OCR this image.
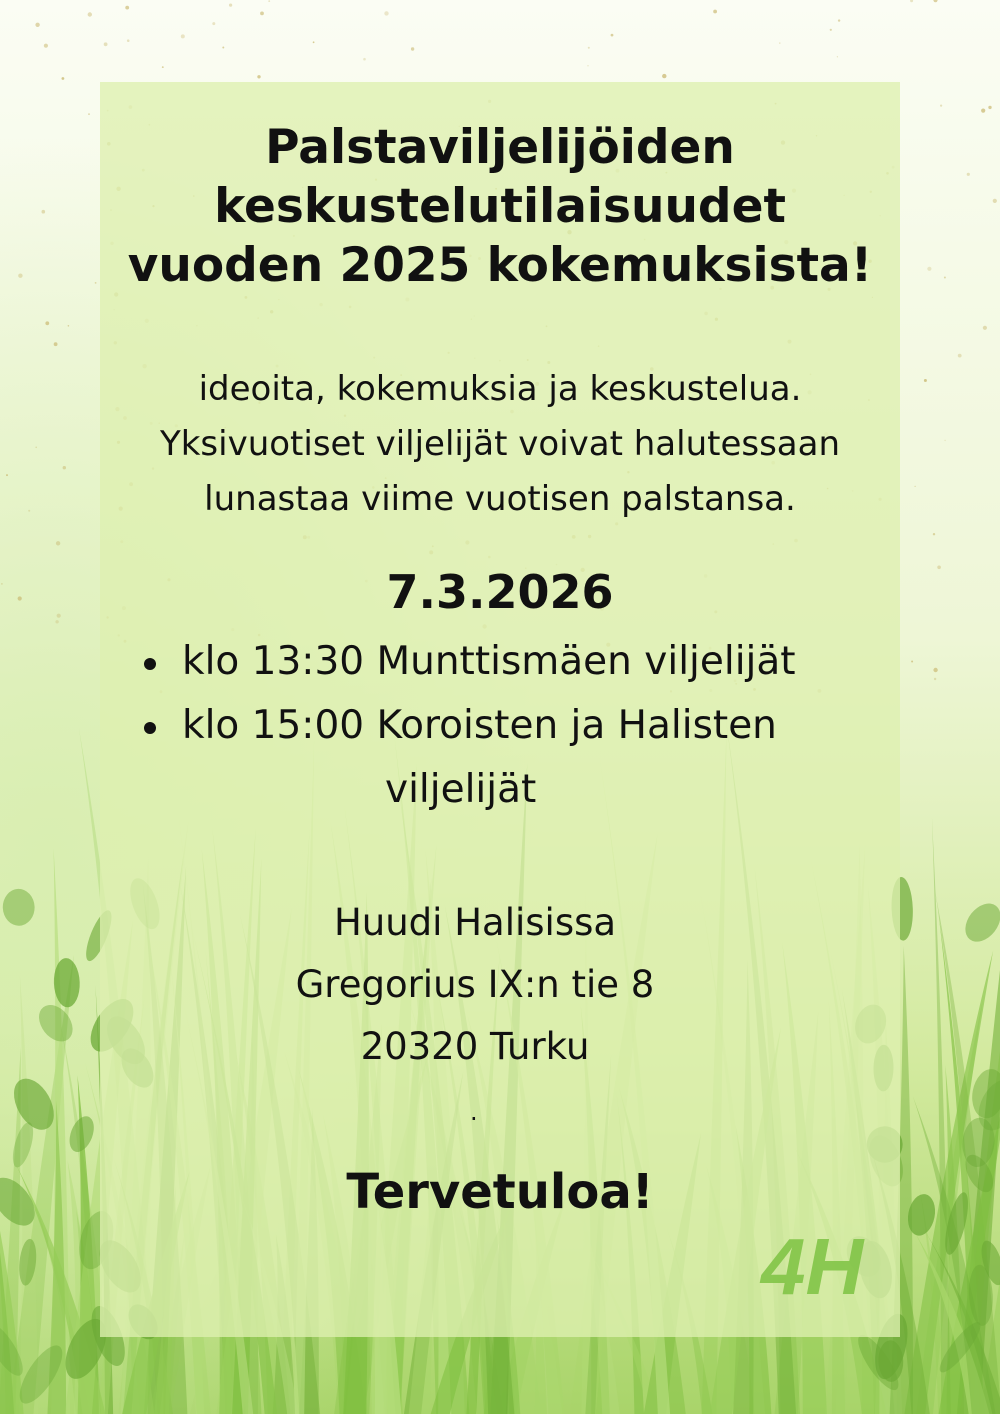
Palstaviljelijöiden
keskustelutilaisuudet
vuoden 2025 kokemuksista!
ideoita, kokemuksia ja keskustelua.
Yksivuotiset viljelijät voivat halutessaan
lunastaa viime vuotisen palstansa.
7.3.2026
klo 13:30 Munttismäen viljelijät
klo 15:00 Koroisten ja Halisten
viljelijät
Huudi Halisissa
Gregorius IX:n tie 8
20320 Turku
.
Tervetuloa!
4H
